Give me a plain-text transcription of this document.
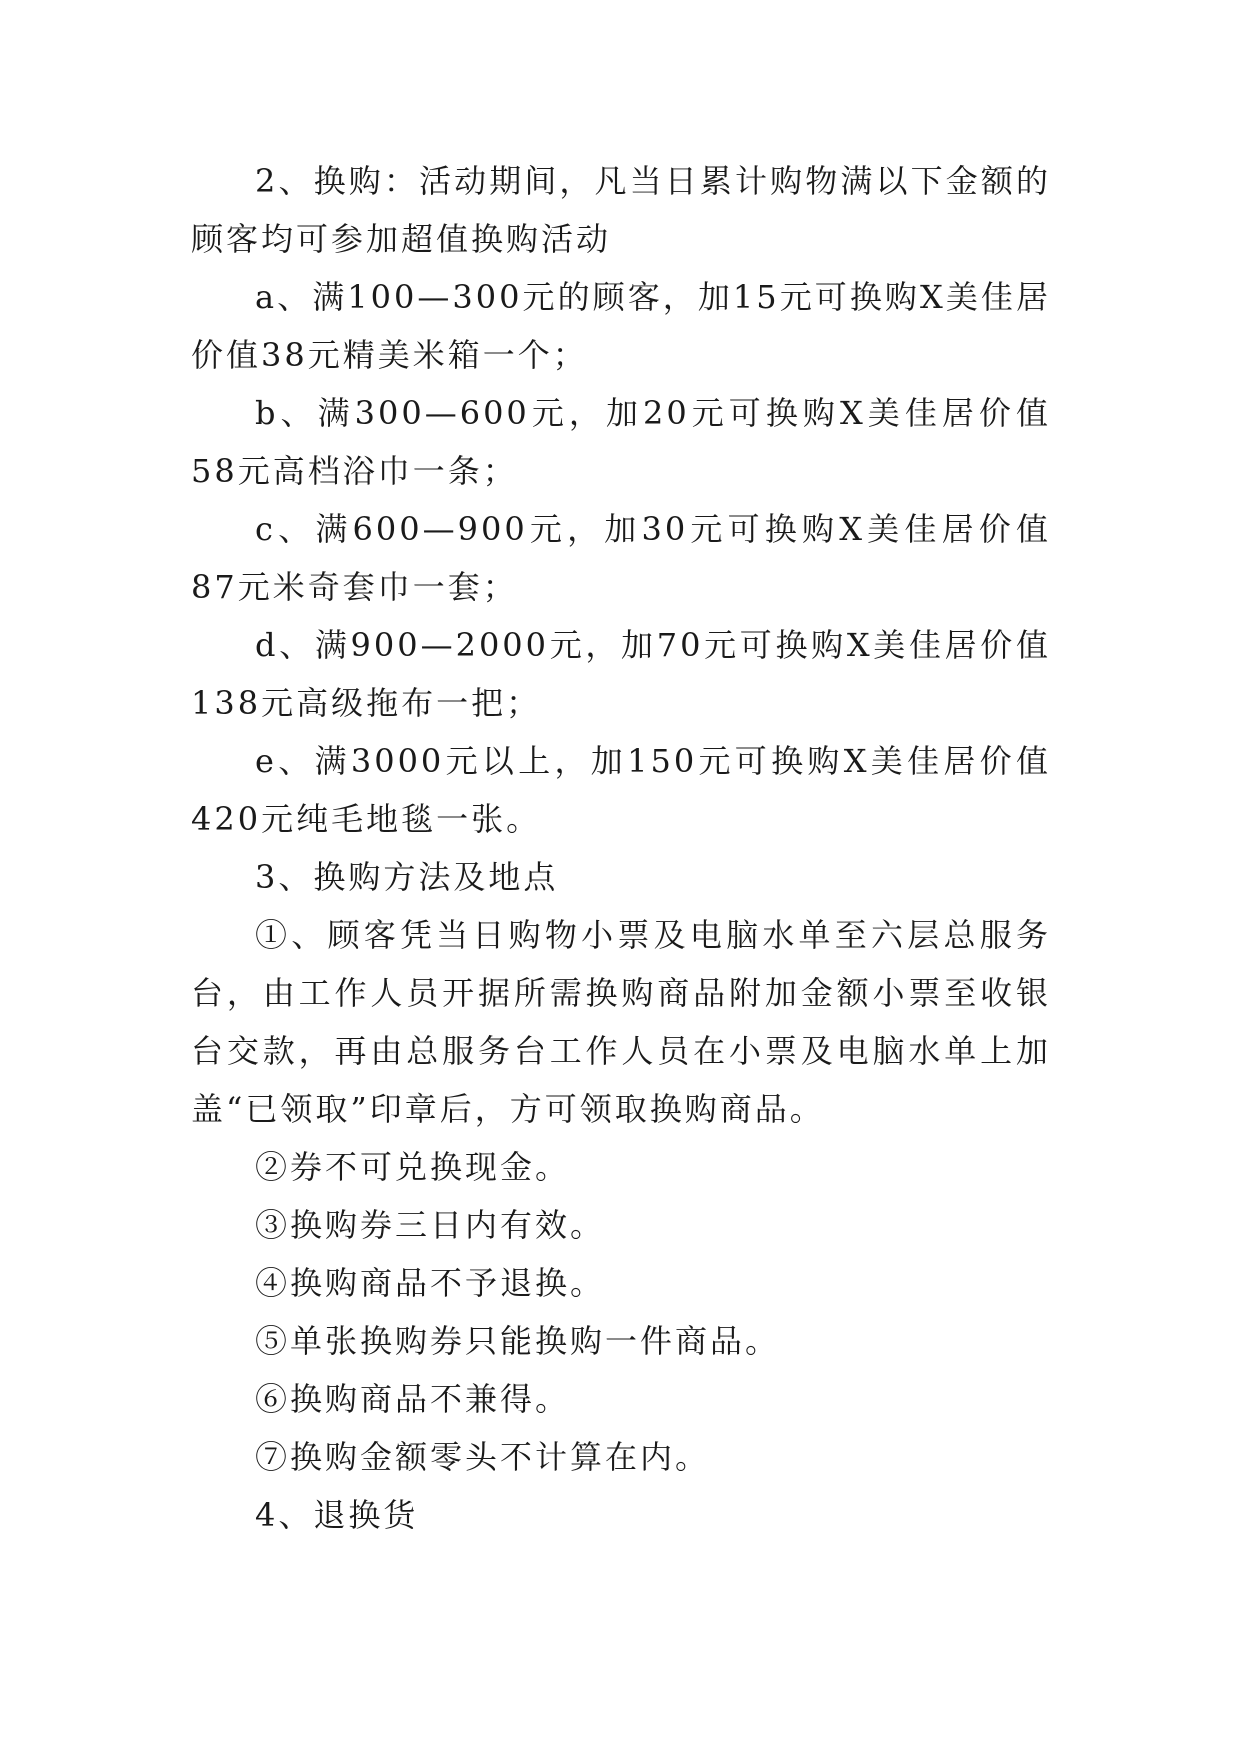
2、换购：活动期间，凡当日累计购物满以下金额的顾客均可参加超值换购活动

a、满100—300元的顾客，加15元可换购X美佳居价值38元精美米箱一个；

b、满300—600元，加20元可换购X美佳居价值58元高档浴巾一条；

c、满600—900元，加30元可换购X美佳居价值87元米奇套巾一套；

d、满900—2000元，加70元可换购X美佳居价值138元高级拖布一把；

e、满3000元以上，加150元可换购X美佳居价值420元纯毛地毯一张。

3、换购方法及地点

①、顾客凭当日购物小票及电脑水单至六层总服务台，由工作人员开据所需换购商品附加金额小票至收银台交款，再由总服务台工作人员在小票及电脑水单上加盖“已领取”印章后，方可领取换购商品。

②券不可兑换现金。

③换购券三日内有效。

④换购商品不予退换。

⑤单张换购券只能换购一件商品。

⑥换购商品不兼得。

⑦换购金额零头不计算在内。

4、退换货
